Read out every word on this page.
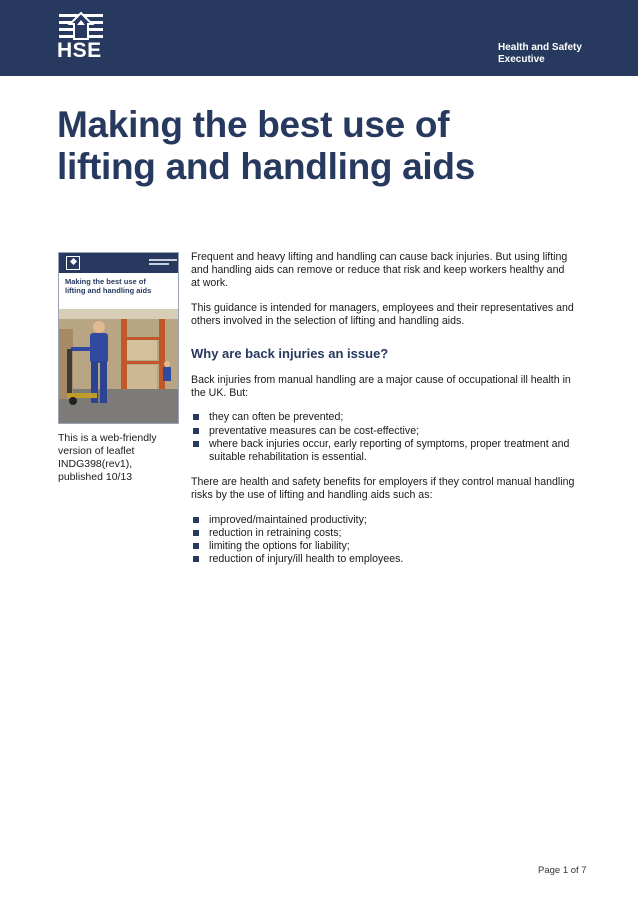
HSE	Health and Safety
Executive
Making the best use of
lifting and handling aids
Making the best use of
lifting and handling aids
This is a web-friendly
version of leaflet
INDG398(rev1),
published 10/13

Frequent and heavy lifting and handling can cause back injuries. But using lifting and handling aids can remove or reduce that risk and keep workers healthy and at work.

This guidance is intended for managers, employees and their representatives and others involved in the selection of lifting and handling aids.

Why are back injuries an issue?

Back injuries from manual handling are a major cause of occupational ill health in the UK. But:

they can often be prevented;
preventative measures can be cost-effective;
where back injuries occur, early reporting of symptoms, proper treatment and suitable rehabilitation is essential.

There are health and safety benefits for employers if they control manual handling risks by the use of lifting and handling aids such as:

improved/maintained productivity;
reduction in retraining costs;
limiting the options for liability;
reduction of injury/ill health to employees.
Page 1 of 7
